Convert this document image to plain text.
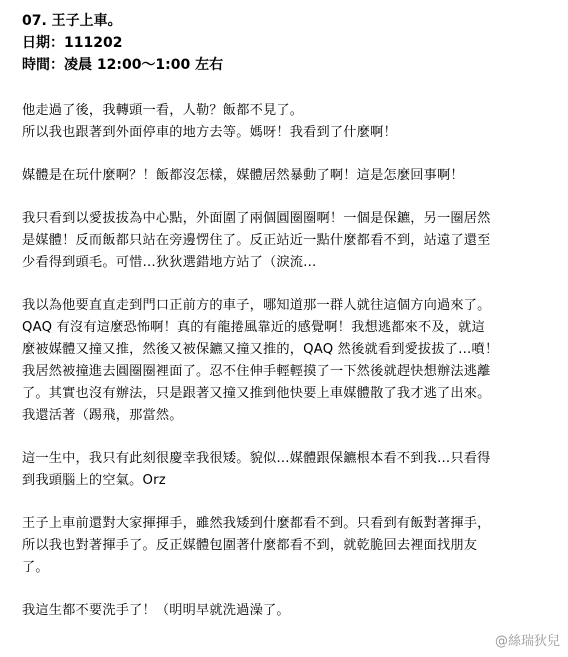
07. 王子上車。
日期：111202
時間：凌晨 12:00～1:00 左右
他走過了後，我轉頭一看，人勒？飯都不見了。
所以我也跟著到外面停車的地方去等。媽呀！我看到了什麼啊！
媒體是在玩什麼啊？！飯都沒怎樣，媒體居然暴動了啊！這是怎麼回事啊！
我只看到以愛拔拔為中心點，外面圍了兩個圓圈圈啊！一個是保鑣，另一圈居然
是媒體！反而飯都只站在旁邊愣住了。反正站近一點什麼都看不到，站遠了還至
少看得到頭毛。可惜…狄狄選錯地方站了（淚流…
我以為他要直直走到門口正前方的車子，哪知道那一群人就往這個方向過來了。
QAQ 有沒有這麼恐怖啊！真的有龍捲風靠近的感覺啊！我想逃都來不及，就這
麼被媒體又撞又推，然後又被保鑣又撞又推的，QAQ 然後就看到愛拔拔了…噴！
我居然被撞進去圓圈圈裡面了。忍不住伸手輕輕摸了一下然後就趕快想辦法逃離
了。其實也沒有辦法，只是跟著又撞又推到他快要上車媒體散了我才逃了出來。
我還活著（踢飛，那當然。
這一生中，我只有此刻很慶幸我很矮。貌似…媒體跟保鑣根本看不到我…只看得
到我頭腦上的空氣。Orz
王子上車前還對大家揮揮手，雖然我矮到什麼都看不到。只看到有飯對著揮手，
所以我也對著揮手了。反正媒體包圍著什麼都看不到，就乾脆回去裡面找朋友
了。
我這生都不要洗手了！（明明早就洗過澡了。
@絲瑞狄兒
